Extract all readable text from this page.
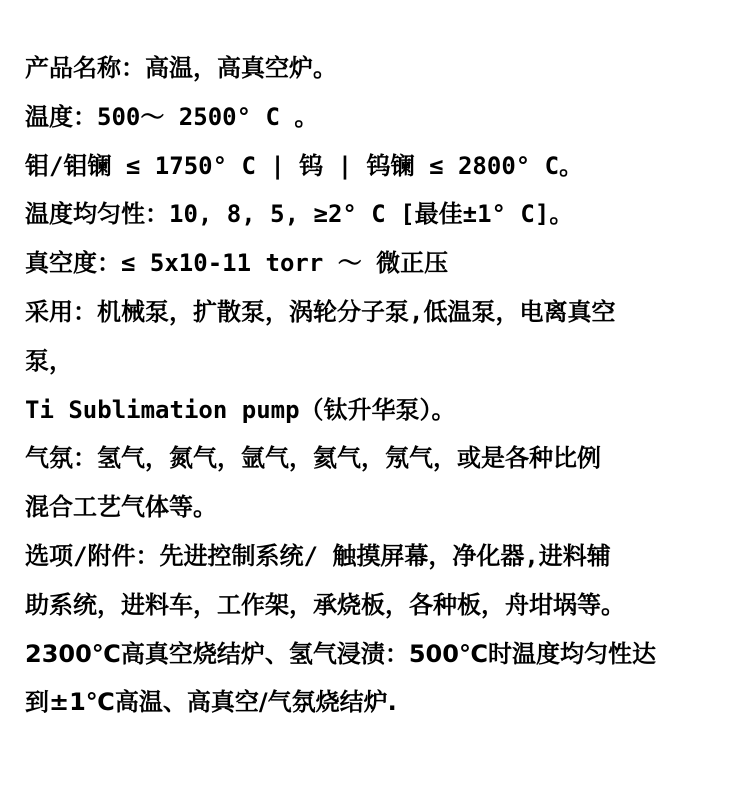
产品名称：高温，高真空炉。
温度：500～ 2500° C 。
钼/钼镧 ≤ 1750° C | 钨 | 钨镧 ≤ 2800° C。
温度均匀性：10, 8, 5, ≥2° C [最佳±1° C]。
真空度：≤ 5x10-11 torr ～ 微正压
采用：机械泵，扩散泵，涡轮分子泵,低温泵，电离真空
泵，
Ti Sublimation pump（钛升华泵）。
气氛：氢气，氮气，氩气，氦气，氖气，或是各种比例
混合工艺气体等。
选项/附件：先进控制系统/ 触摸屏幕，净化器,进料辅
助系统，进料车，工作架，承烧板，各种板，舟坩埚等。
2300℃高真空烧结炉、氢气浸渍：500℃时温度均匀性达
到±1℃高温、高真空/气氛烧结炉.
